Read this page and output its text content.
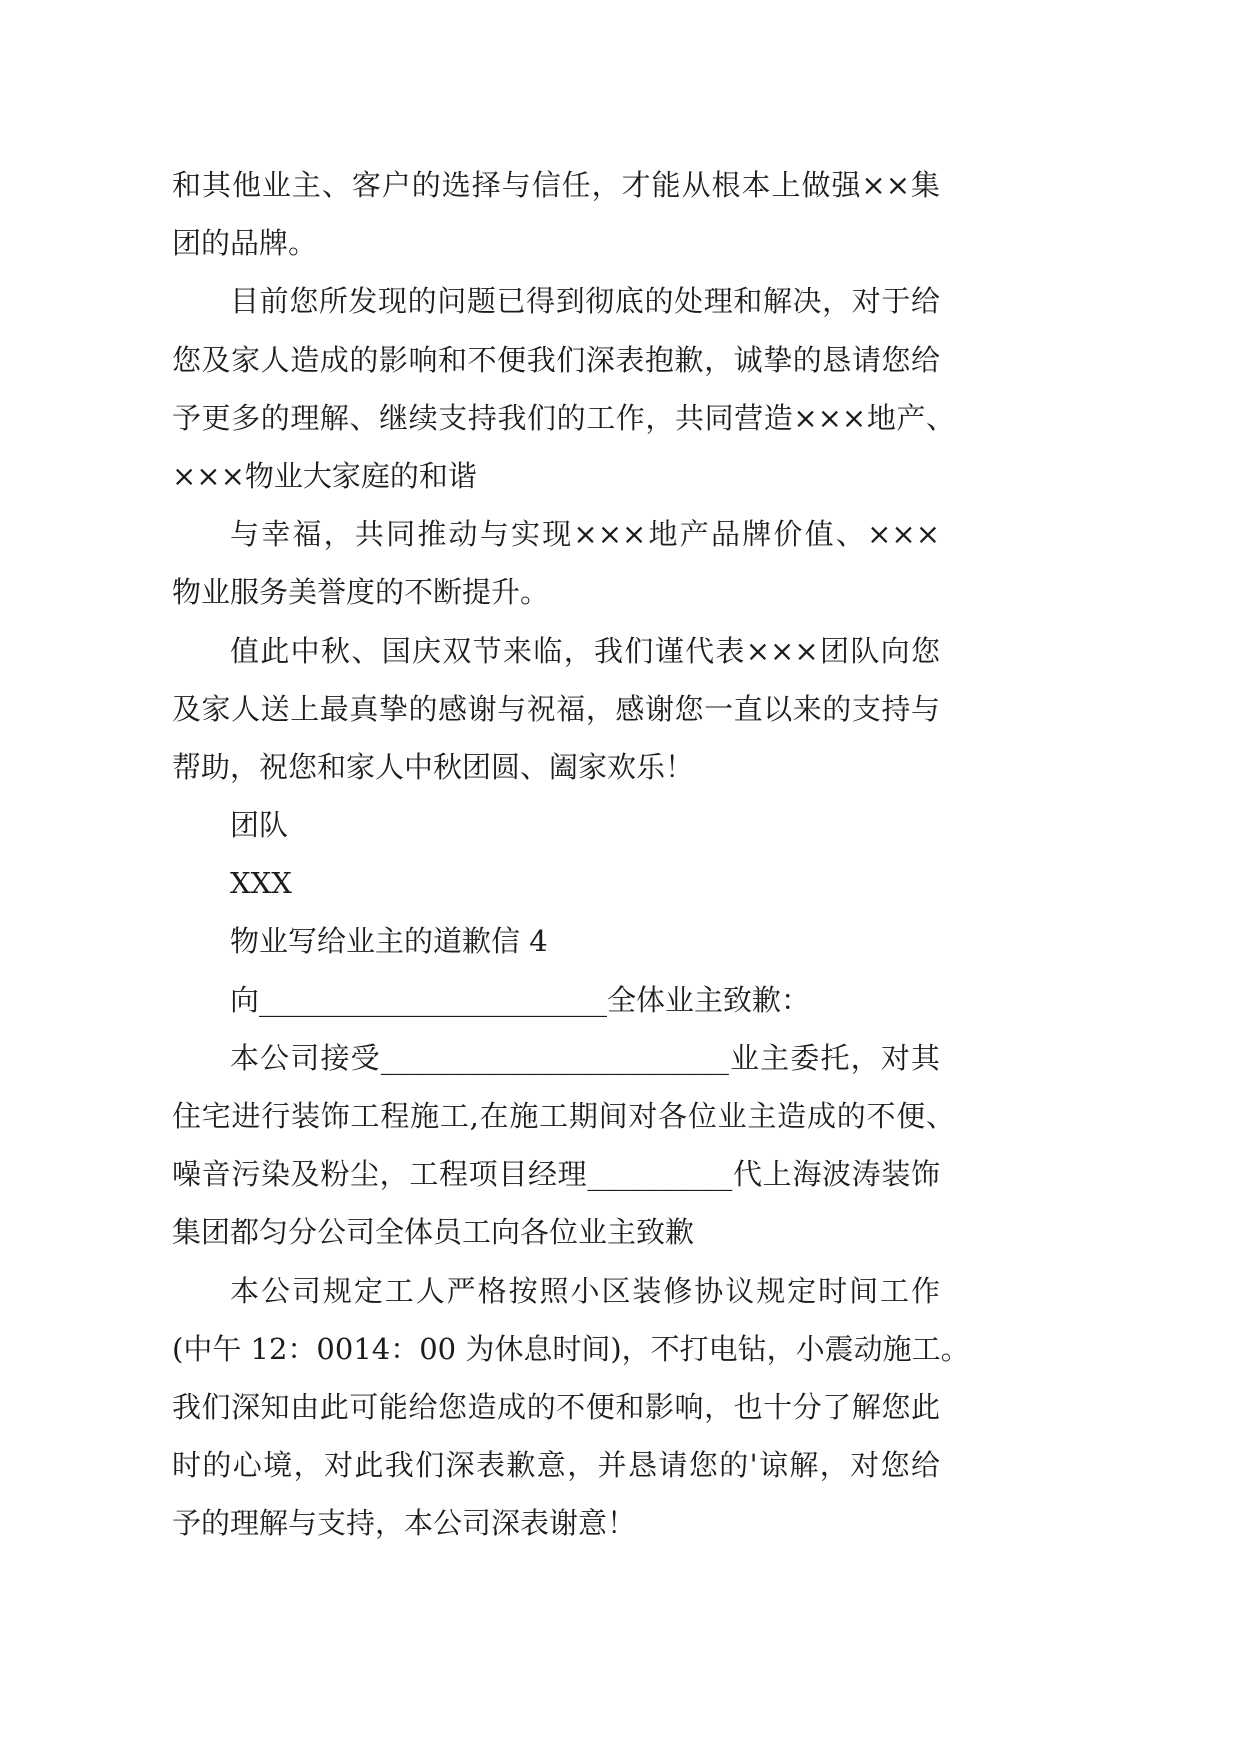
和其他业主、客户的选择与信任，才能从根本上做强××集
团的品牌。
目前您所发现的问题已得到彻底的处理和解决，对于给
您及家人造成的影响和不便我们深表抱歉，诚挚的恳请您给
予更多的理解、继续支持我们的工作，共同营造×××地产、
×××物业大家庭的和谐
与幸福，共同推动与实现×××地产品牌价值、×××
物业服务美誉度的不断提升。
值此中秋、国庆双节来临，我们谨代表×××团队向您
及家人送上最真挚的感谢与祝福，感谢您一直以来的支持与
帮助，祝您和家人中秋团圆、阖家欢乐！
团队
XXX
物业写给业主的道歉信 4
向________________________全体业主致歉：
本公司接受________________________业主委托，对其
住宅进行装饰工程施工,在施工期间对各位业主造成的不便、
噪音污染及粉尘，工程项目经理__________代上海波涛装饰
集团都匀分公司全体员工向各位业主致歉
本公司规定工人严格按照小区装修协议规定时间工作
(中午 12：0014：00 为休息时间)，不打电钻，小震动施工。
我们深知由此可能给您造成的不便和影响，也十分了解您此
时的心境，对此我们深表歉意，并恳请您的'谅解，对您给
予的理解与支持，本公司深表谢意！
